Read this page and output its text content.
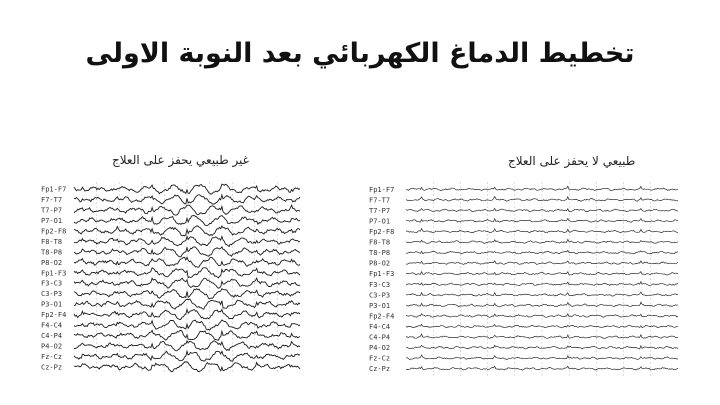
تخطيط الدماغ الكهربائي بعد النوبة الاولى
غير طبيعي يحفز على العلاج	طبيعي لا يحفز على العلاج
Fp1-F7
F7-T7
T7-P7
P7-O1
Fp2-F8
F8-T8
T8-P8
P8-O2
Fp1-F3
F3-C3
C3-P3
P3-O1
Fp2-F4
F4-C4
C4-P4
P4-O2
Fz-Cz
Cz-Pz
Fp1-F7
F7-T7
T7-P7
P7-O1
Fp2-F8
F8-T8
T8-P8
P8-O2
Fp1-F3
F3-C3
C3-P3
P3-O1
Fp2-F4
F4-C4
C4-P4
P4-O2
Fz-Cz
Cz-Pz
